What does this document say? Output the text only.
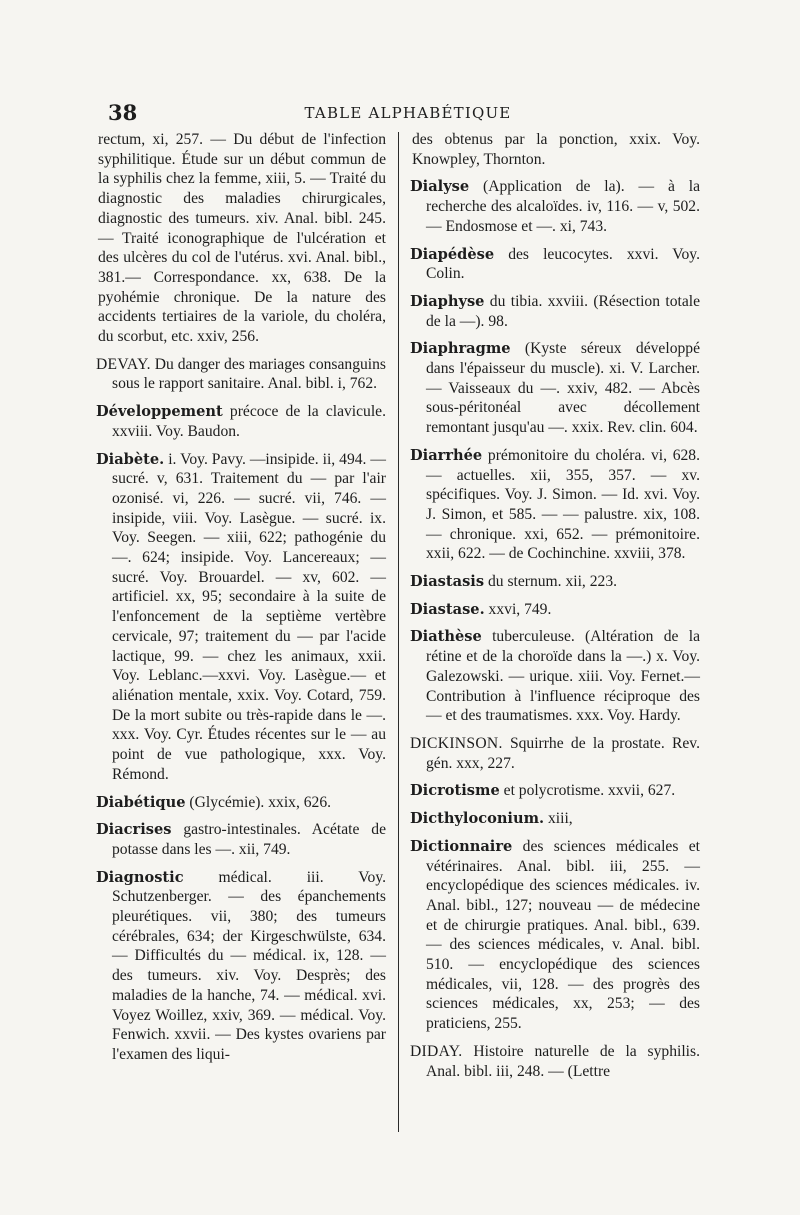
38	TABLE ALPHABÉTIQUE

rectum, xi, 257. — Du début de l'infection syphilitique. Étude sur un début commun de la syphilis chez la femme, xiii, 5. — Traité du diagnostic des maladies chirurgicales, diagnostic des tumeurs. xiv. Anal. bibl. 245. — Traité iconographique de l'ulcération et des ulcères du col de l'utérus. xvi. Anal. bibl., 381.— Correspondance. xx, 638. De la pyohémie chronique. De la nature des accidents tertiaires de la variole, du choléra, du scorbut, etc. xxiv, 256.

DEVAY. Du danger des mariages consanguins sous le rapport sanitaire. Anal. bibl. i, 762.

Développement précoce de la clavicule. xxviii. Voy. Baudon.

Diabète. i. Voy. Pavy. —insipide. ii, 494. — sucré. v, 631. Traitement du — par l'air ozonisé. vi, 226. — sucré. vii, 746. — insipide, viii. Voy. Lasègue. — sucré. ix. Voy. Seegen. — xiii, 622; pathogénie du —. 624; insipide. Voy. Lancereaux; — sucré. Voy. Brouardel. — xv, 602. — artificiel. xx, 95; secondaire à la suite de l'enfoncement de la septième vertèbre cervicale, 97; traitement du — par l'acide lactique, 99. — chez les animaux, xxii. Voy. Leblanc.—xxvi. Voy. Lasègue.— et aliénation mentale, xxix. Voy. Cotard, 759. De la mort subite ou très-rapide dans le —. xxx. Voy. Cyr. Études récentes sur le — au point de vue pathologique, xxx. Voy. Rémond.

Diabétique (Glycémie). xxix, 626.

Diacrises gastro-intestinales. Acétate de potasse dans les —. xii, 749.

Diagnostic médical. iii. Voy. Schutzenberger. — des épanchements pleurétiques. vii, 380; des tumeurs cérébrales, 634; der Kirgeschwülste, 634. — Difficultés du — médical. ix, 128. — des tumeurs. xiv. Voy. Desprès; des maladies de la hanche, 74. — médical. xvi. Voyez Woillez, xxiv, 369. — médical. Voy. Fenwich. xxvii. — Des kystes ovariens par l'examen des liqui-

des obtenus par la ponction, xxix. Voy. Knowpley, Thornton.

Dialyse (Application de la). — à la recherche des alcaloïdes. iv, 116. — v, 502. — Endosmose et —. xi, 743.

Diapédèse des leucocytes. xxvi. Voy. Colin.

Diaphyse du tibia. xxviii. (Résection totale de la —). 98.

Diaphragme (Kyste séreux développé dans l'épaisseur du muscle). xi. V. Larcher.— Vaisseaux du —. xxiv, 482. — Abcès sous-péritonéal avec décollement remontant jusqu'au —. xxix. Rev. clin. 604.

Diarrhée prémonitoire du choléra. vi, 628. — actuelles. xii, 355, 357. — xv. spécifiques. Voy. J. Simon. — Id. xvi. Voy. J. Simon, et 585. — — palustre. xix, 108.— chronique. xxi, 652. — prémonitoire. xxii, 622. — de Cochinchine. xxviii, 378.

Diastasis du sternum. xii, 223.

Diastase. xxvi, 749.

Diathèse tuberculeuse. (Altération de la rétine et de la choroïde dans la —.) x. Voy. Galezowski. — urique. xiii. Voy. Fernet.— Contribution à l'influence réciproque des — et des traumatismes. xxx. Voy. Hardy.

DICKINSON. Squirrhe de la prostate. Rev. gén. xxx, 227.

Dicrotisme et polycrotisme. xxvii, 627.

Dicthyloconium. xiii,

Dictionnaire des sciences médicales et vétérinaires. Anal. bibl. iii, 255. — encyclopédique des sciences médicales. iv. Anal. bibl., 127; nouveau — de médecine et de chirurgie pratiques. Anal. bibl., 639. — des sciences médicales, v. Anal. bibl. 510. — encyclopédique des sciences médicales, vii, 128. — des progrès des sciences médicales, xx, 253; — des praticiens, 255.

DIDAY. Histoire naturelle de la syphilis. Anal. bibl. iii, 248. — (Lettre
